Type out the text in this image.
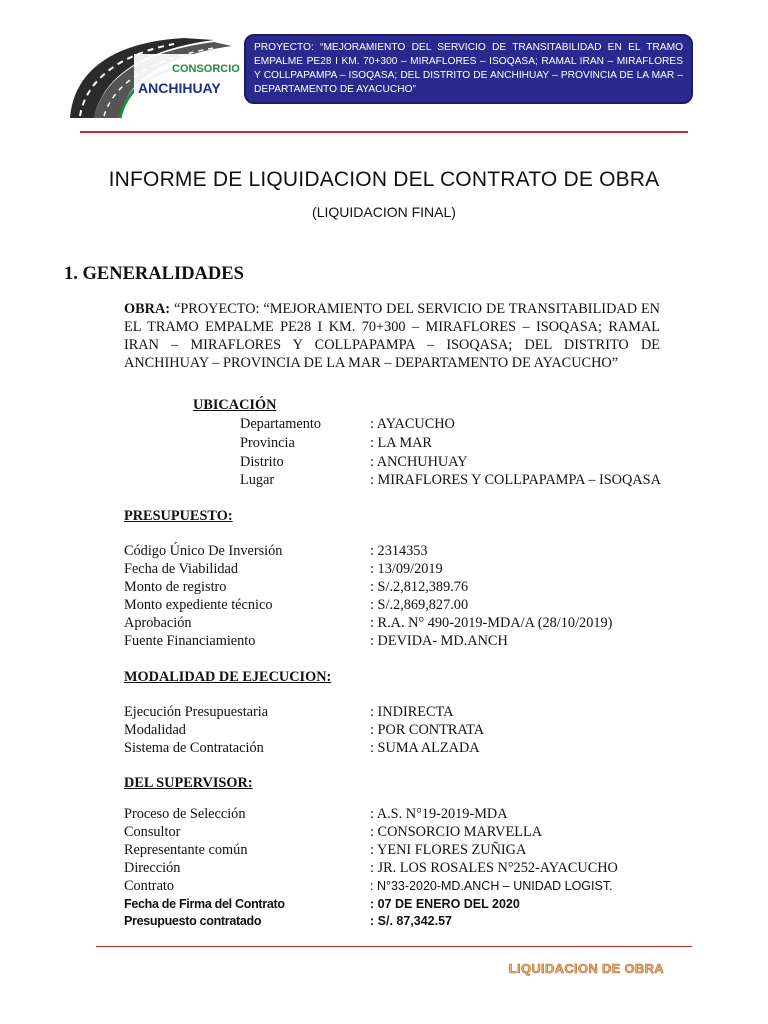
CONSORCIO
ANCHIHUAY
PROYECTO: “MEJORAMIENTO DEL SERVICIO DE TRANSITABILIDAD EN EL TRAMO EMPALME PE28 I KM. 70+300 – MIRAFLORES – ISOQASA; RAMAL IRAN – MIRAFLORES Y COLLPAPAMPA – ISOQASA; DEL DISTRITO DE ANCHIHUAY – PROVINCIA DE LA MAR – DEPARTAMENTO DE AYACUCHO”
INFORME DE LIQUIDACION DEL CONTRATO DE OBRA
(LIQUIDACION FINAL)
1. GENERALIDADES
OBRA: “PROYECTO: “MEJORAMIENTO DEL SERVICIO DE TRANSITABILIDAD EN EL TRAMO EMPALME PE28 I KM. 70+300 – MIRAFLORES – ISOQASA; RAMAL IRAN – MIRAFLORES Y COLLPAPAMPA – ISOQASA; DEL DISTRITO DE ANCHIHUAY – PROVINCIA DE LA MAR – DEPARTAMENTO DE AYACUCHO”
UBICACIÓN
Departamento	: AYACUCHO
Provincia	: LA MAR
Distrito	: ANCHUHUAY
Lugar	: MIRAFLORES Y COLLPAPAMPA – ISOQASA
PRESUPUESTO:
Código Único De Inversión	: 2314353
Fecha de Viabilidad	: 13/09/2019
Monto de registro	: S/.2,812,389.76
Monto expediente técnico	: S/.2,869,827.00
Aprobación	: R.A. N° 490-2019-MDA/A (28/10/2019)
Fuente Financiamiento	: DEVIDA- MD.ANCH
MODALIDAD DE EJECUCION:
Ejecución Presupuestaria	: INDIRECTA
Modalidad	: POR CONTRATA
Sistema de Contratación	: SUMA ALZADA
DEL SUPERVISOR:
Proceso de Selección	: A.S. N°19-2019-MDA
Consultor	: CONSORCIO MARVELLA
Representante común	: YENI FLORES ZUÑIGA
Dirección	: JR. LOS ROSALES N°252-AYACUCHO
Contrato	: N°33-2020-MD.ANCH – UNIDAD LOGIST.
Fecha de Firma del Contrato	: 07 DE ENERO DEL 2020
Presupuesto contratado	: S/. 87,342.57
LIQUIDACION DE OBRA
